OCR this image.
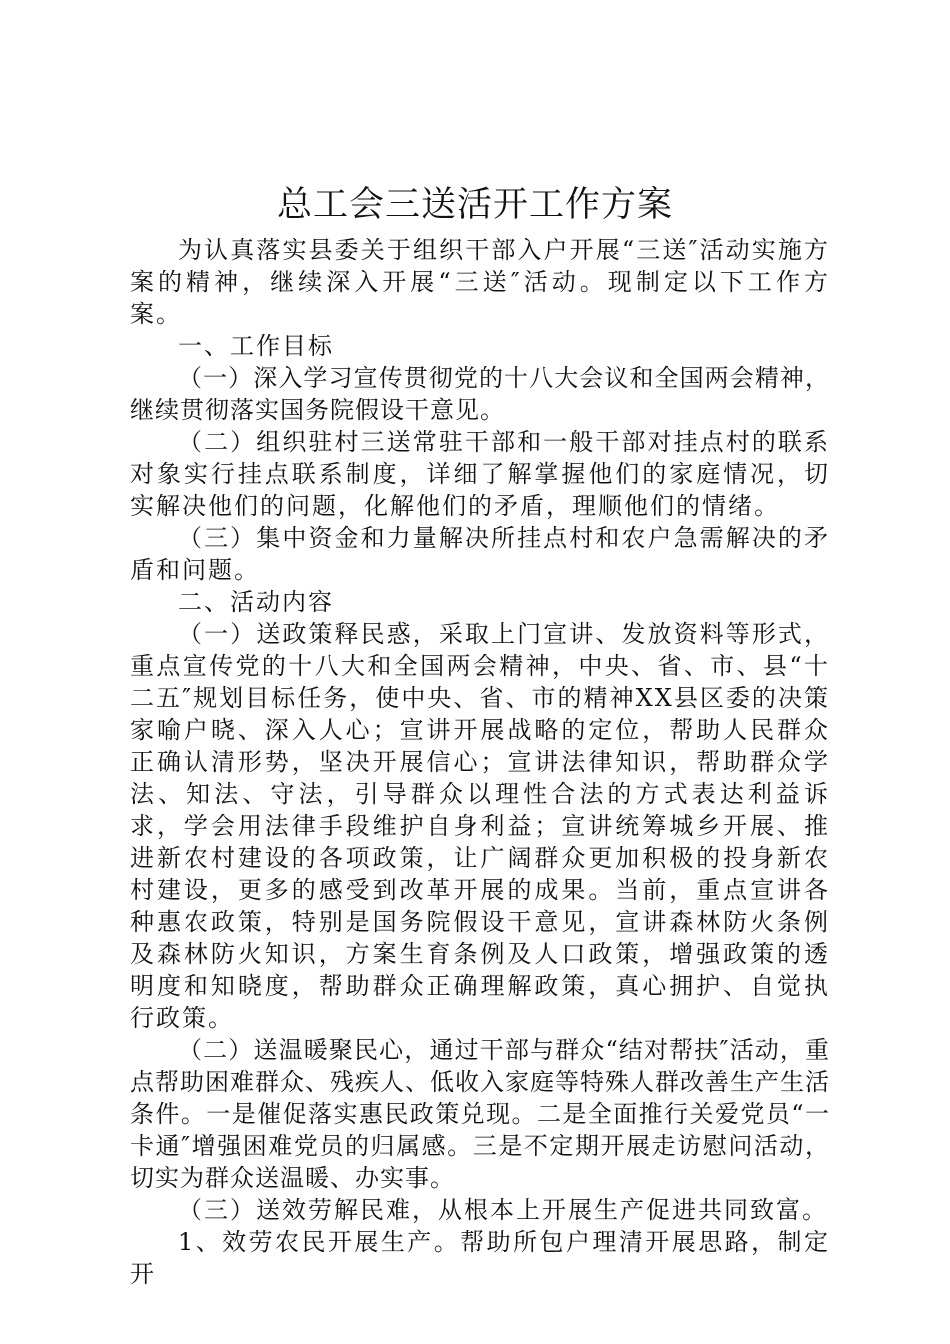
总工会三送活开工作方案

为认真落实县委关于组织干部入户开展“三送″活动实施方案的精神，继续深入开展“三送″活动。现制定以下工作方案。

一、工作目标

（一）深入学习宣传贯彻党的十八大会议和全国两会精神，继续贯彻落实国务院假设干意见。

（二）组织驻村三送常驻干部和一般干部对挂点村的联系对象实行挂点联系制度，详细了解掌握他们的家庭情况，切实解决他们的问题，化解他们的矛盾，理顺他们的情绪。

（三）集中资金和力量解决所挂点村和农户急需解决的矛盾和问题。

二、活动内容

（一）送政策释民惑，采取上门宣讲、发放资料等形式，重点宣传党的十八大和全国两会精神，中央、省、市、县“十二五″规划目标任务，使中央、省、市的精神XX县区委的决策家喻户晓、深入人心；宣讲开展战略的定位，帮助人民群众正确认清形势，坚决开展信心；宣讲法律知识，帮助群众学法、知法、守法，引导群众以理性合法的方式表达利益诉求，学会用法律手段维护自身利益；宣讲统筹城乡开展、推进新农村建设的各项政策，让广阔群众更加积极的投身新农村建设，更多的感受到改革开展的成果。当前，重点宣讲各种惠农政策，特别是国务院假设干意见，宣讲森林防火条例及森林防火知识，方案生育条例及人口政策，增强政策的透明度和知晓度，帮助群众正确理解政策，真心拥护、自觉执行政策。

（二）送温暖聚民心，通过干部与群众“结对帮扶″活动，重点帮助困难群众、残疾人、低收入家庭等特殊人群改善生产生活条件。一是催促落实惠民政策兑现。二是全面推行关爱党员“一卡通″增强困难党员的归属感。三是不定期开展走访慰问活动，切实为群众送温暖、办实事。

（三）送效劳解民难，从根本上开展生产促进共同致富。

1、效劳农民开展生产。帮助所包户理清开展思路，制定开
